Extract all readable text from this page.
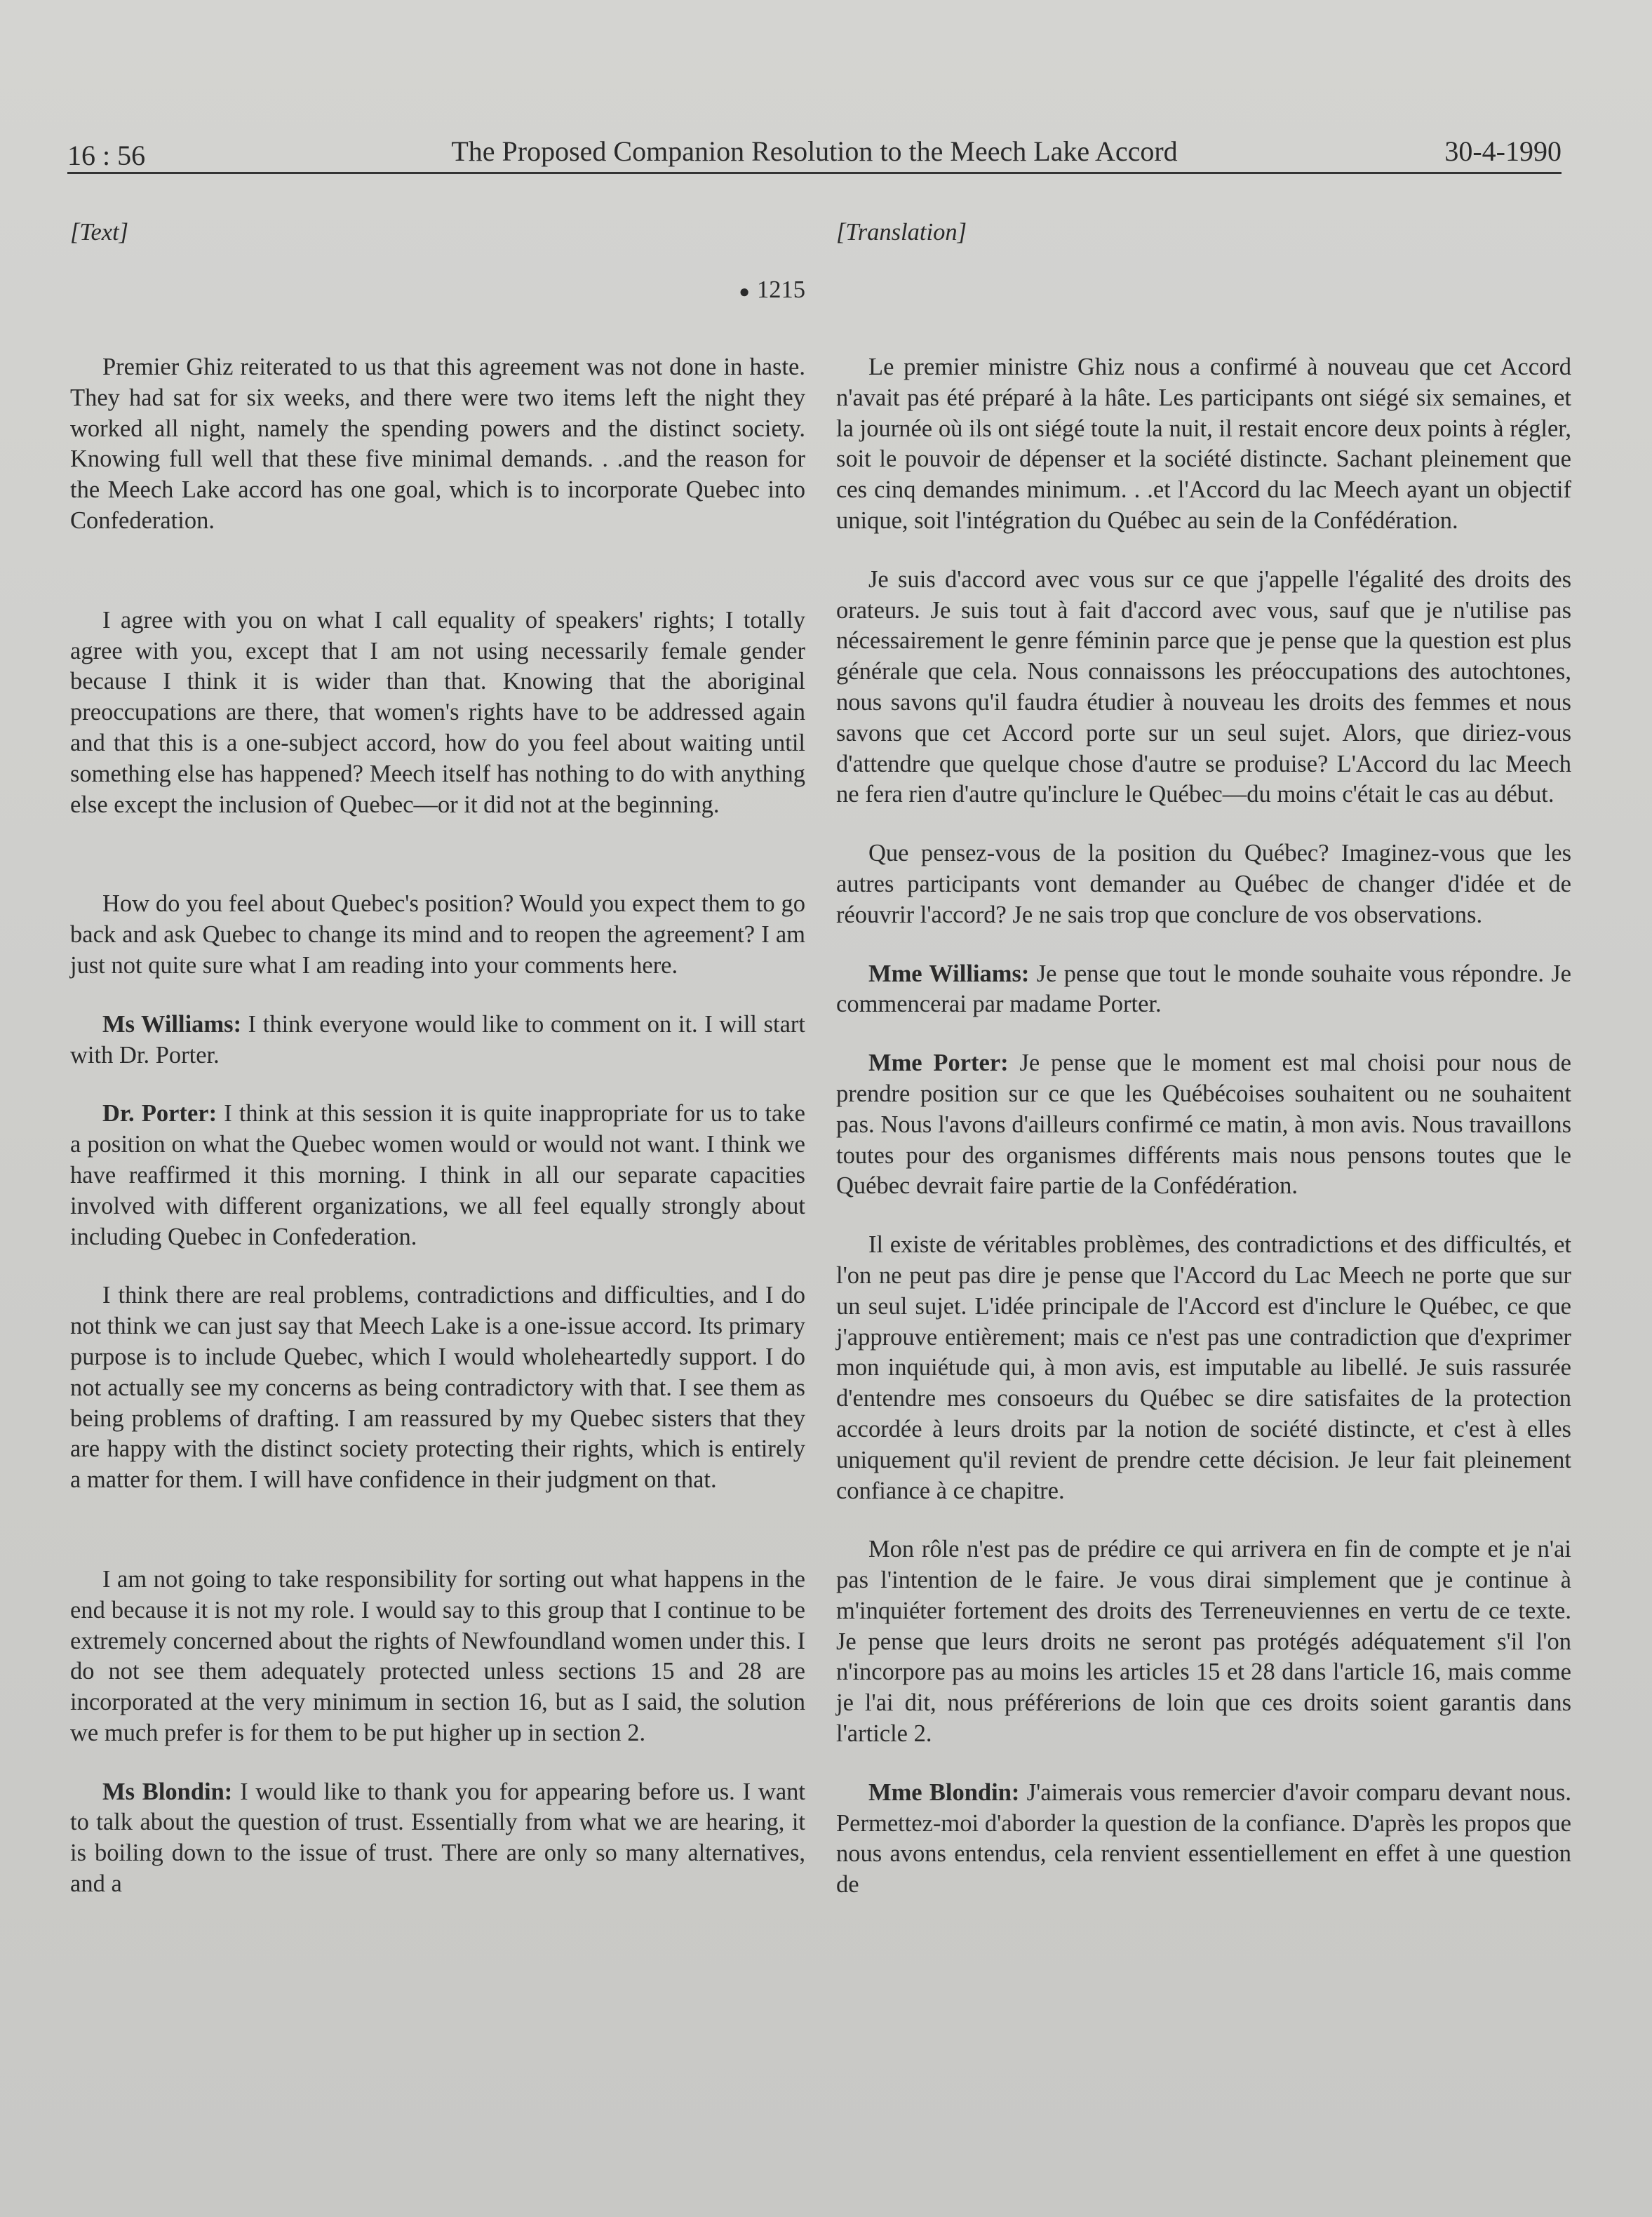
16 : 56	The Proposed Companion Resolution to the Meech Lake Accord	30-4-1990

[Text]

● 1215

Premier Ghiz reiterated to us that this agreement was not done in haste. They had sat for six weeks, and there were two items left the night they worked all night, namely the spending powers and the distinct society. Knowing full well that these five minimal demands. . .and the reason for the Meech Lake accord has one goal, which is to incorporate Quebec into Confederation.

I agree with you on what I call equality of speakers' rights; I totally agree with you, except that I am not using necessarily female gender because I think it is wider than that. Knowing that the aboriginal preoccupations are there, that women's rights have to be addressed again and that this is a one-subject accord, how do you feel about waiting until something else has happened? Meech itself has nothing to do with anything else except the inclusion of Quebec—or it did not at the beginning.

How do you feel about Quebec's position? Would you expect them to go back and ask Quebec to change its mind and to reopen the agreement? I am just not quite sure what I am reading into your comments here.

Ms Williams: I think everyone would like to comment on it. I will start with Dr. Porter.

Dr. Porter: I think at this session it is quite inappropriate for us to take a position on what the Quebec women would or would not want. I think we have reaffirmed it this morning. I think in all our separate capacities involved with different organizations, we all feel equally strongly about including Quebec in Confederation.

I think there are real problems, contradictions and difficulties, and I do not think we can just say that Meech Lake is a one-issue accord. Its primary purpose is to include Quebec, which I would wholeheartedly support. I do not actually see my concerns as being contradictory with that. I see them as being problems of drafting. I am reassured by my Quebec sisters that they are happy with the distinct society protecting their rights, which is entirely a matter for them. I will have confidence in their judgment on that.

I am not going to take responsibility for sorting out what happens in the end because it is not my role. I would say to this group that I continue to be extremely concerned about the rights of Newfoundland women under this. I do not see them adequately protected unless sections 15 and 28 are incorporated at the very minimum in section 16, but as I said, the solution we much prefer is for them to be put higher up in section 2.

Ms Blondin: I would like to thank you for appearing before us. I want to talk about the question of trust. Essentially from what we are hearing, it is boiling down to the issue of trust. There are only so many alternatives, and a

[Translation]

Le premier ministre Ghiz nous a confirmé à nouveau que cet Accord n'avait pas été préparé à la hâte. Les participants ont siégé six semaines, et la journée où ils ont siégé toute la nuit, il restait encore deux points à régler, soit le pouvoir de dépenser et la société distincte. Sachant pleinement que ces cinq demandes minimum. . .et l'Accord du lac Meech ayant un objectif unique, soit l'intégration du Québec au sein de la Confédération.

Je suis d'accord avec vous sur ce que j'appelle l'égalité des droits des orateurs. Je suis tout à fait d'accord avec vous, sauf que je n'utilise pas nécessairement le genre féminin parce que je pense que la question est plus générale que cela. Nous connaissons les préoccupations des autochtones, nous savons qu'il faudra étudier à nouveau les droits des femmes et nous savons que cet Accord porte sur un seul sujet. Alors, que diriez-vous d'attendre que quelque chose d'autre se produise? L'Accord du lac Meech ne fera rien d'autre qu'inclure le Québec—du moins c'était le cas au début.

Que pensez-vous de la position du Québec? Imaginez-vous que les autres participants vont demander au Québec de changer d'idée et de réouvrir l'accord? Je ne sais trop que conclure de vos observations.

Mme Williams: Je pense que tout le monde souhaite vous répondre. Je commencerai par madame Porter.

Mme Porter: Je pense que le moment est mal choisi pour nous de prendre position sur ce que les Québécoises souhaitent ou ne souhaitent pas. Nous l'avons d'ailleurs confirmé ce matin, à mon avis. Nous travaillons toutes pour des organismes différents mais nous pensons toutes que le Québec devrait faire partie de la Confédération.

Il existe de véritables problèmes, des contradictions et des difficultés, et l'on ne peut pas dire je pense que l'Accord du Lac Meech ne porte que sur un seul sujet. L'idée principale de l'Accord est d'inclure le Québec, ce que j'approuve entièrement; mais ce n'est pas une contradiction que d'exprimer mon inquiétude qui, à mon avis, est imputable au libellé. Je suis rassurée d'entendre mes consoeurs du Québec se dire satisfaites de la protection accordée à leurs droits par la notion de société distincte, et c'est à elles uniquement qu'il revient de prendre cette décision. Je leur fait pleinement confiance à ce chapitre.

Mon rôle n'est pas de prédire ce qui arrivera en fin de compte et je n'ai pas l'intention de le faire. Je vous dirai simplement que je continue à m'inquiéter fortement des droits des Terreneuviennes en vertu de ce texte. Je pense que leurs droits ne seront pas protégés adéquatement s'il l'on n'incorpore pas au moins les articles 15 et 28 dans l'article 16, mais comme je l'ai dit, nous préférerions de loin que ces droits soient garantis dans l'article 2.

Mme Blondin: J'aimerais vous remercier d'avoir comparu devant nous. Permettez-moi d'aborder la question de la confiance. D'après les propos que nous avons entendus, cela renvient essentiellement en effet à une question de
